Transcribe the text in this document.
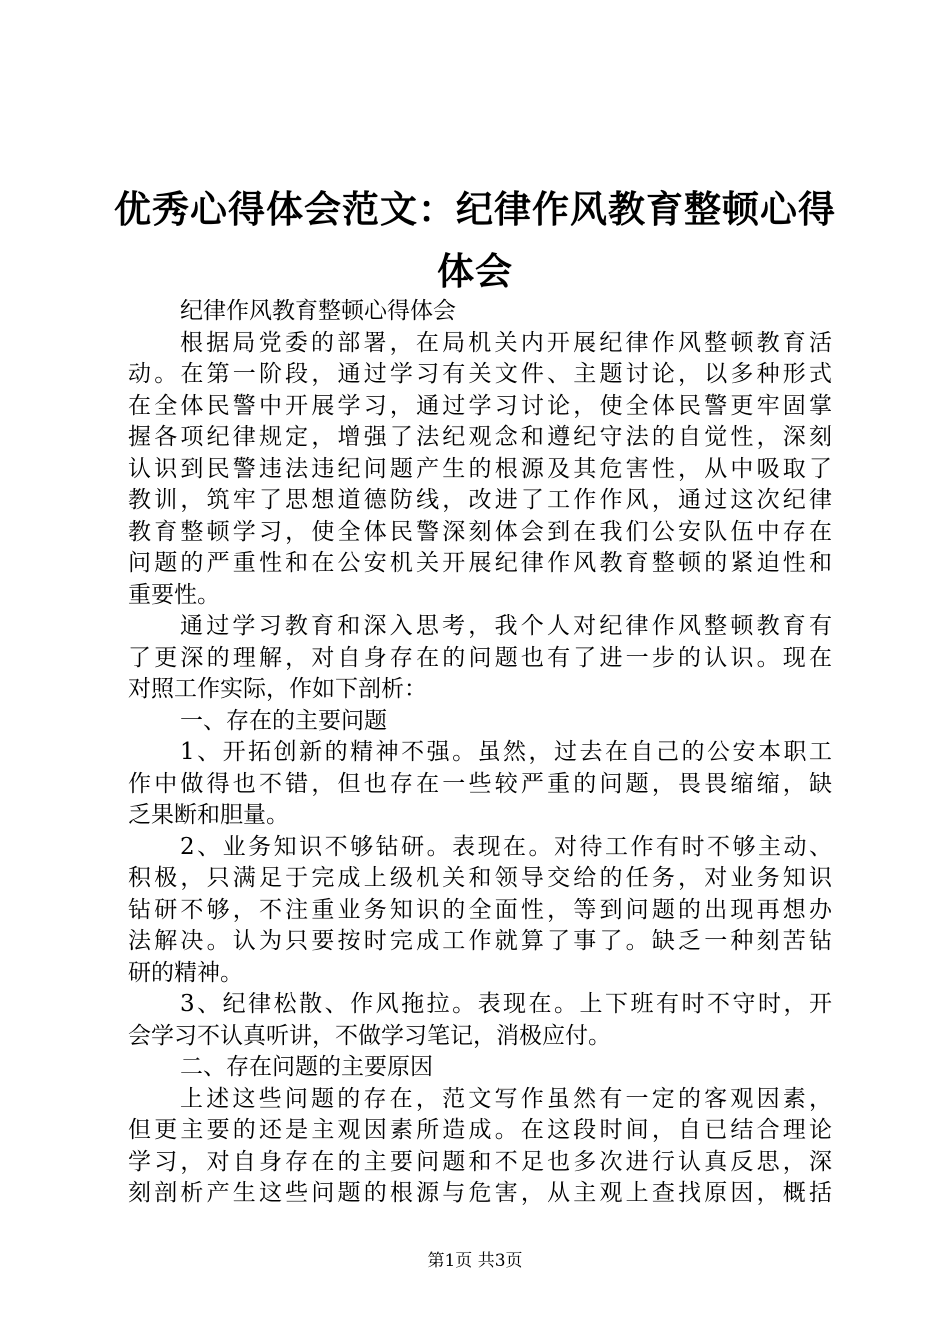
优秀心得体会范文：纪律作风教育整顿心得体会
纪律作风教育整顿心得体会
根据局党委的部署，在局机关内开展纪律作风整顿教育活
动。在第一阶段，通过学习有关文件、主题讨论，以多种形式
在全体民警中开展学习，通过学习讨论，使全体民警更牢固掌
握各项纪律规定，增强了法纪观念和遵纪守法的自觉性，深刻
认识到民警违法违纪问题产生的根源及其危害性，从中吸取了
教训，筑牢了思想道德防线，改进了工作作风，通过这次纪律
教育整顿学习，使全体民警深刻体会到在我们公安队伍中存在
问题的严重性和在公安机关开展纪律作风教育整顿的紧迫性和
重要性。
通过学习教育和深入思考，我个人对纪律作风整顿教育有
了更深的理解，对自身存在的问题也有了进一步的认识。现在
对照工作实际，作如下剖析：
一、存在的主要问题
1、开拓创新的精神不强。虽然，过去在自己的公安本职工
作中做得也不错，但也存在一些较严重的问题，畏畏缩缩，缺
乏果断和胆量。
2、业务知识不够钻研。表现在。对待工作有时不够主动、
积极，只满足于完成上级机关和领导交给的任务，对业务知识
钻研不够，不注重业务知识的全面性，等到问题的出现再想办
法解决。认为只要按时完成工作就算了事了。缺乏一种刻苦钻
研的精神。
3、纪律松散、作风拖拉。表现在。上下班有时不守时，开
会学习不认真听讲，不做学习笔记，消极应付。
二、存在问题的主要原因
上述这些问题的存在，范文写作虽然有一定的客观因素，
但更主要的还是主观因素所造成。在这段时间，自已结合理论
学习，对自身存在的主要问题和不足也多次进行认真反思，深
刻剖析产生这些问题的根源与危害，从主观上查找原因，概括
第1页 共3页
